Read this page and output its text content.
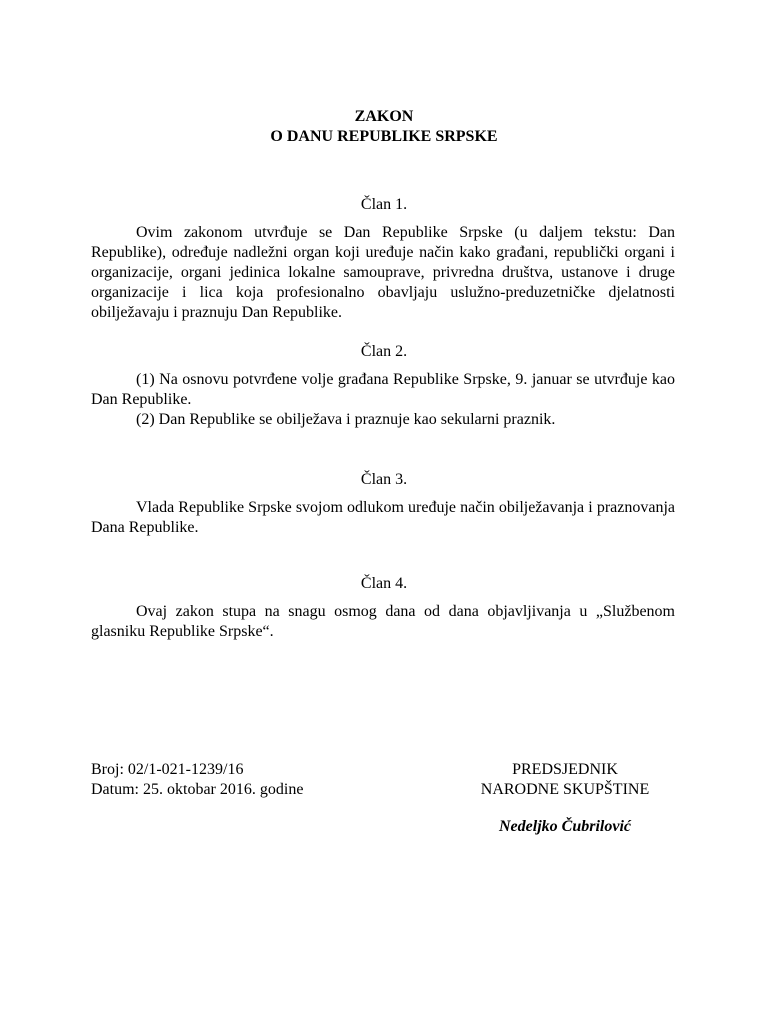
ZAKON
O DANU REPUBLIKE SRPSKE
Član 1.

Ovim zakonom utvrđuje se Dan Republike Srpske (u daljem tekstu: Dan Republike), određuje nadležni organ koji uređuje način kako građani, republički organi i organizacije, organi jedinica lokalne samouprave, privredna društva, ustanove i druge organizacije i lica koja profesionalno obavljaju uslužno-preduzetničke djelatnosti obilježavaju i praznuju Dan Republike.

Član 2.

(1) Na osnovu potvrđene volje građana Republike Srpske, 9. januar se utvrđuje kao Dan Republike.

(2) Dan Republike se obilježava i praznuje kao sekularni praznik.

Član 3.

Vlada Republike Srpske svojom odlukom uređuje način obilježavanja i praznovanja Dana Republike.

Član 4.

Ovaj zakon stupa na snagu osmog dana od dana objavljivanja u „Službenom glasniku Republike Srpske“.

Broj: 02/1-021-1239/16
Datum: 25. oktobar 2016. godine
PREDSJEDNIK
NARODNE SKUPŠTINE
Nedeljko Čubrilović
